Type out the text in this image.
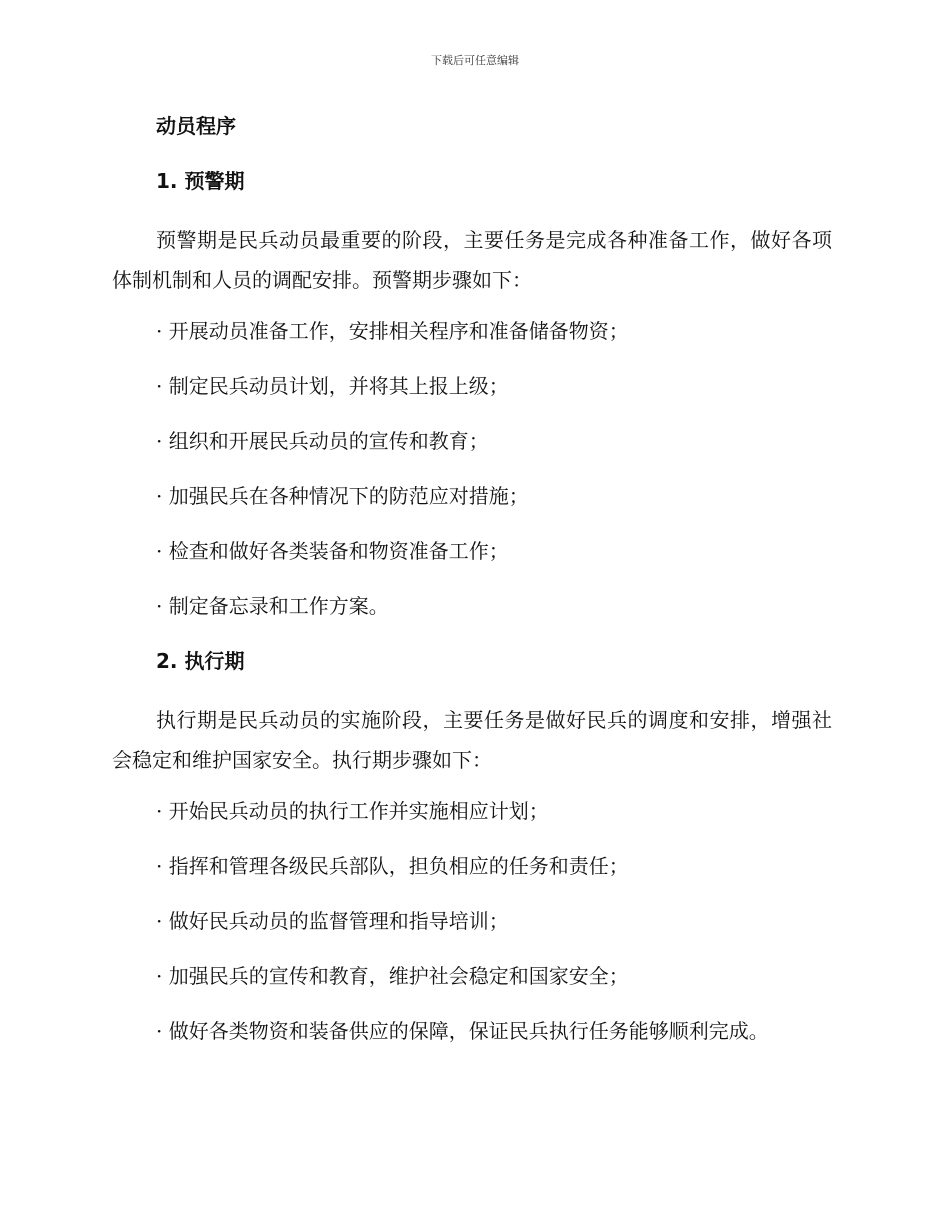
下载后可任意编辑
动员程序
1. 预警期
预警期是民兵动员最重要的阶段，主要任务是完成各种准备工作，做好各项体制机制和人员的调配安排。预警期步骤如下：
· 开展动员准备工作，安排相关程序和准备储备物资；
· 制定民兵动员计划，并将其上报上级；
· 组织和开展民兵动员的宣传和教育；
· 加强民兵在各种情况下的防范应对措施；
· 检查和做好各类装备和物资准备工作；
· 制定备忘录和工作方案。
2. 执行期
执行期是民兵动员的实施阶段，主要任务是做好民兵的调度和安排，增强社会稳定和维护国家安全。执行期步骤如下：
· 开始民兵动员的执行工作并实施相应计划；
· 指挥和管理各级民兵部队，担负相应的任务和责任；
· 做好民兵动员的监督管理和指导培训；
· 加强民兵的宣传和教育，维护社会稳定和国家安全；
· 做好各类物资和装备供应的保障，保证民兵执行任务能够顺利完成。
